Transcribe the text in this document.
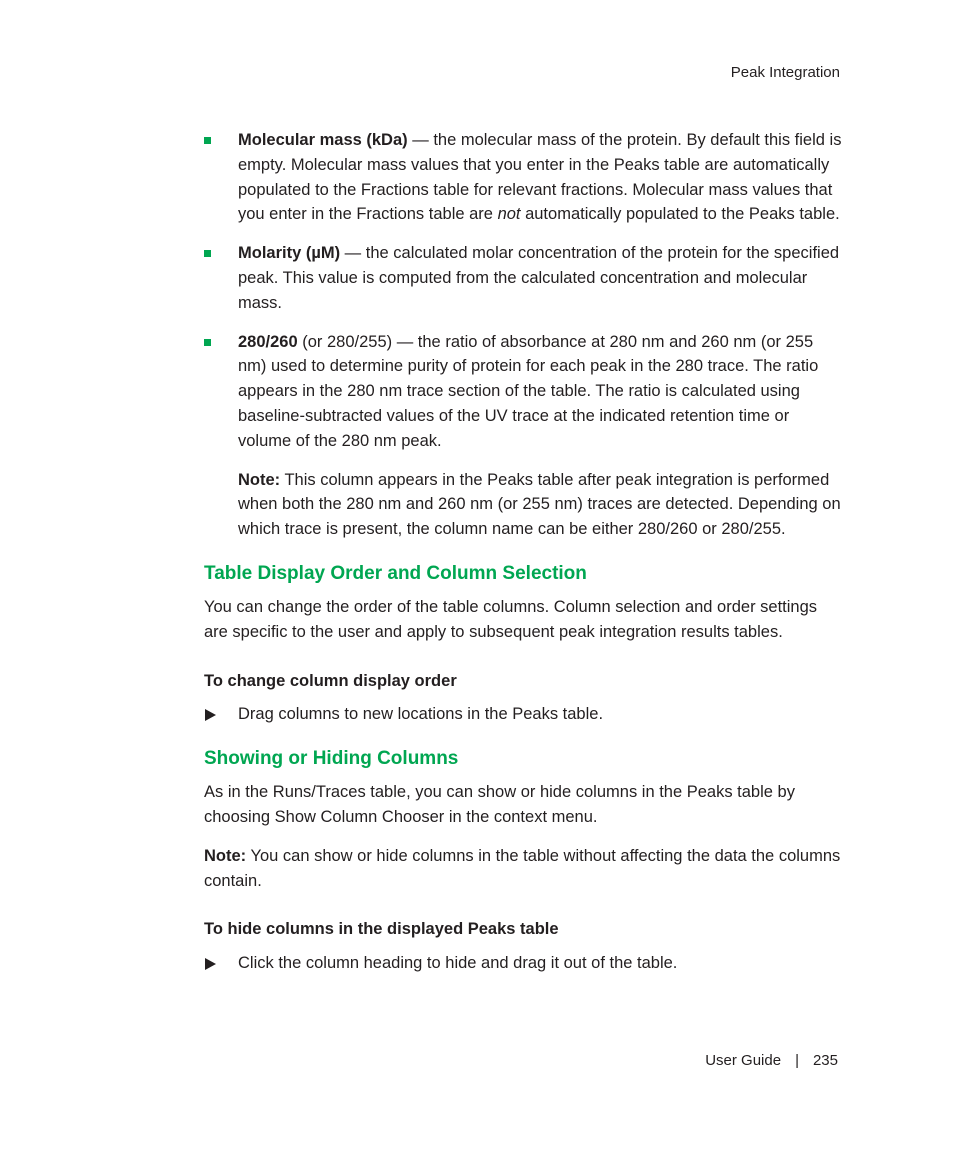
Peak Integration
Molecular mass (kDa) — the molecular mass of the protein. By default this field is empty. Molecular mass values that you enter in the Peaks table are automatically populated to the Fractions table for relevant fractions. Molecular mass values that you enter in the Fractions table are not automatically populated to the Peaks table.
Molarity (µM) — the calculated molar concentration of the protein for the specified peak. This value is computed from the calculated concentration and molecular mass.
280/260 (or 280/255) — the ratio of absorbance at 280 nm and 260 nm (or 255 nm) used to determine purity of protein for each peak in the 280 trace. The ratio appears in the 280 nm trace section of the table. The ratio is calculated using baseline-subtracted values of the UV trace at the indicated retention time or volume of the 280 nm peak.
Note: This column appears in the Peaks table after peak integration is performed when both the 280 nm and 260 nm (or 255 nm) traces are detected. Depending on which trace is present, the column name can be either 280/260 or 280/255.
Table Display Order and Column Selection
You can change the order of the table columns. Column selection and order settings are specific to the user and apply to subsequent peak integration results tables.
To change column display order
Drag columns to new locations in the Peaks table.
Showing or Hiding Columns
As in the Runs/Traces table, you can show or hide columns in the Peaks table by choosing Show Column Chooser in the context menu.
Note: You can show or hide columns in the table without affecting the data the columns contain.
To hide columns in the displayed Peaks table
Click the column heading to hide and drag it out of the table.
User Guide | 235
